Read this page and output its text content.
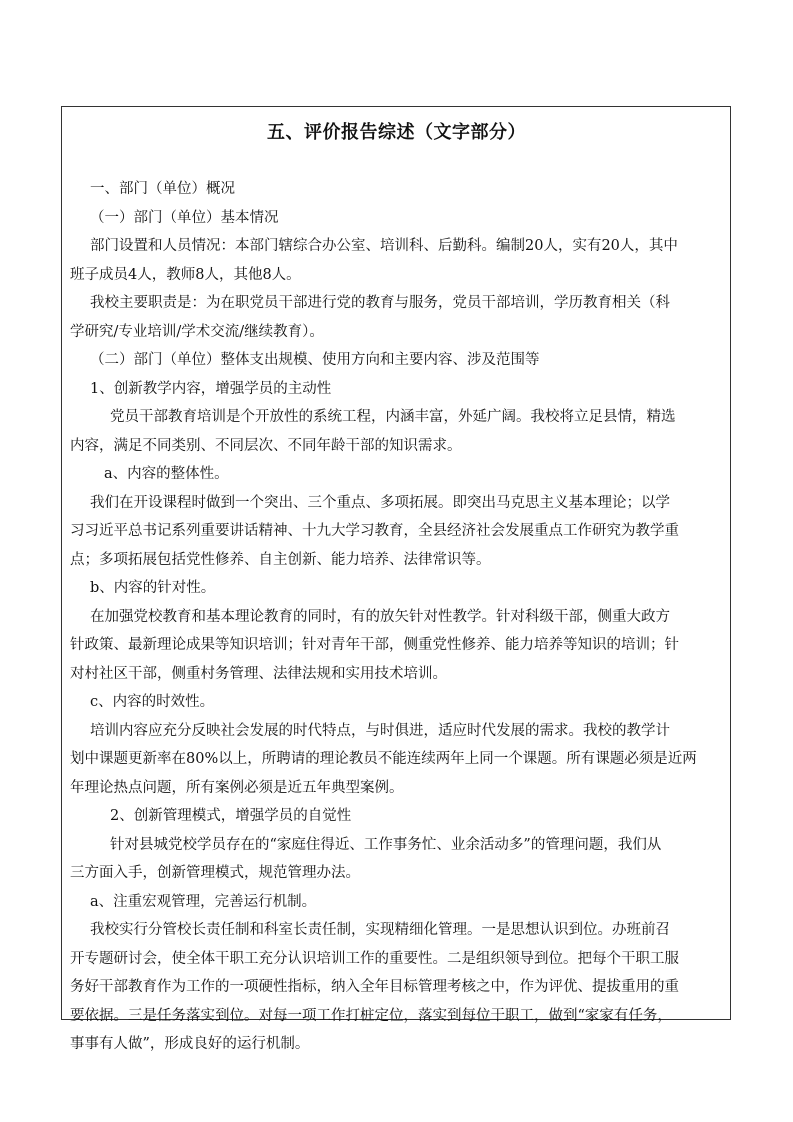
五、评价报告综述（文字部分）
一、部门（单位）概况
（一）部门（单位）基本情况
部门设置和人员情况：本部门辖综合办公室、培训科、后勤科。编制20人，实有20人，其中
班子成员4人，教师8人，其他8人。
我校主要职责是：为在职党员干部进行党的教育与服务，党员干部培训，学历教育相关（科
学研究/专业培训/学术交流/继续教育）。
（二）部门（单位）整体支出规模、使用方向和主要内容、涉及范围等
1、创新教学内容，增强学员的主动性
党员干部教育培训是个开放性的系统工程，内涵丰富，外延广阔。我校将立足县情，精选
内容，满足不同类别、不同层次、不同年龄干部的知识需求。
a、内容的整体性。
我们在开设课程时做到一个突出、三个重点、多项拓展。即突出马克思主义基本理论；以学
习习近平总书记系列重要讲话精神、十九大学习教育，全县经济社会发展重点工作研究为教学重
点；多项拓展包括党性修养、自主创新、能力培养、法律常识等。
b、内容的针对性。
在加强党校教育和基本理论教育的同时，有的放矢针对性教学。针对科级干部，侧重大政方
针政策、最新理论成果等知识培训；针对青年干部，侧重党性修养、能力培养等知识的培训；针
对村社区干部，侧重村务管理、法律法规和实用技术培训。
c、内容的时效性。
培训内容应充分反映社会发展的时代特点，与时俱进，适应时代发展的需求。我校的教学计
划中课题更新率在80%以上，所聘请的理论教员不能连续两年上同一个课题。所有课题必须是近两
年理论热点问题，所有案例必须是近五年典型案例。
2、创新管理模式，增强学员的自觉性
针对县城党校学员存在的“家庭住得近、工作事务忙、业余活动多”的管理问题，我们从
三方面入手，创新管理模式，规范管理办法。
a、注重宏观管理，完善运行机制。
我校实行分管校长责任制和科室长责任制，实现精细化管理。一是思想认识到位。办班前召
开专题研讨会，使全体干职工充分认识培训工作的重要性。二是组织领导到位。把每个干职工服
务好干部教育作为工作的一项硬性指标，纳入全年目标管理考核之中，作为评优、提拔重用的重
要依据。三是任务落实到位。对每一项工作打桩定位，落实到每位干职工，做到“家家有任务，
事事有人做”，形成良好的运行机制。
